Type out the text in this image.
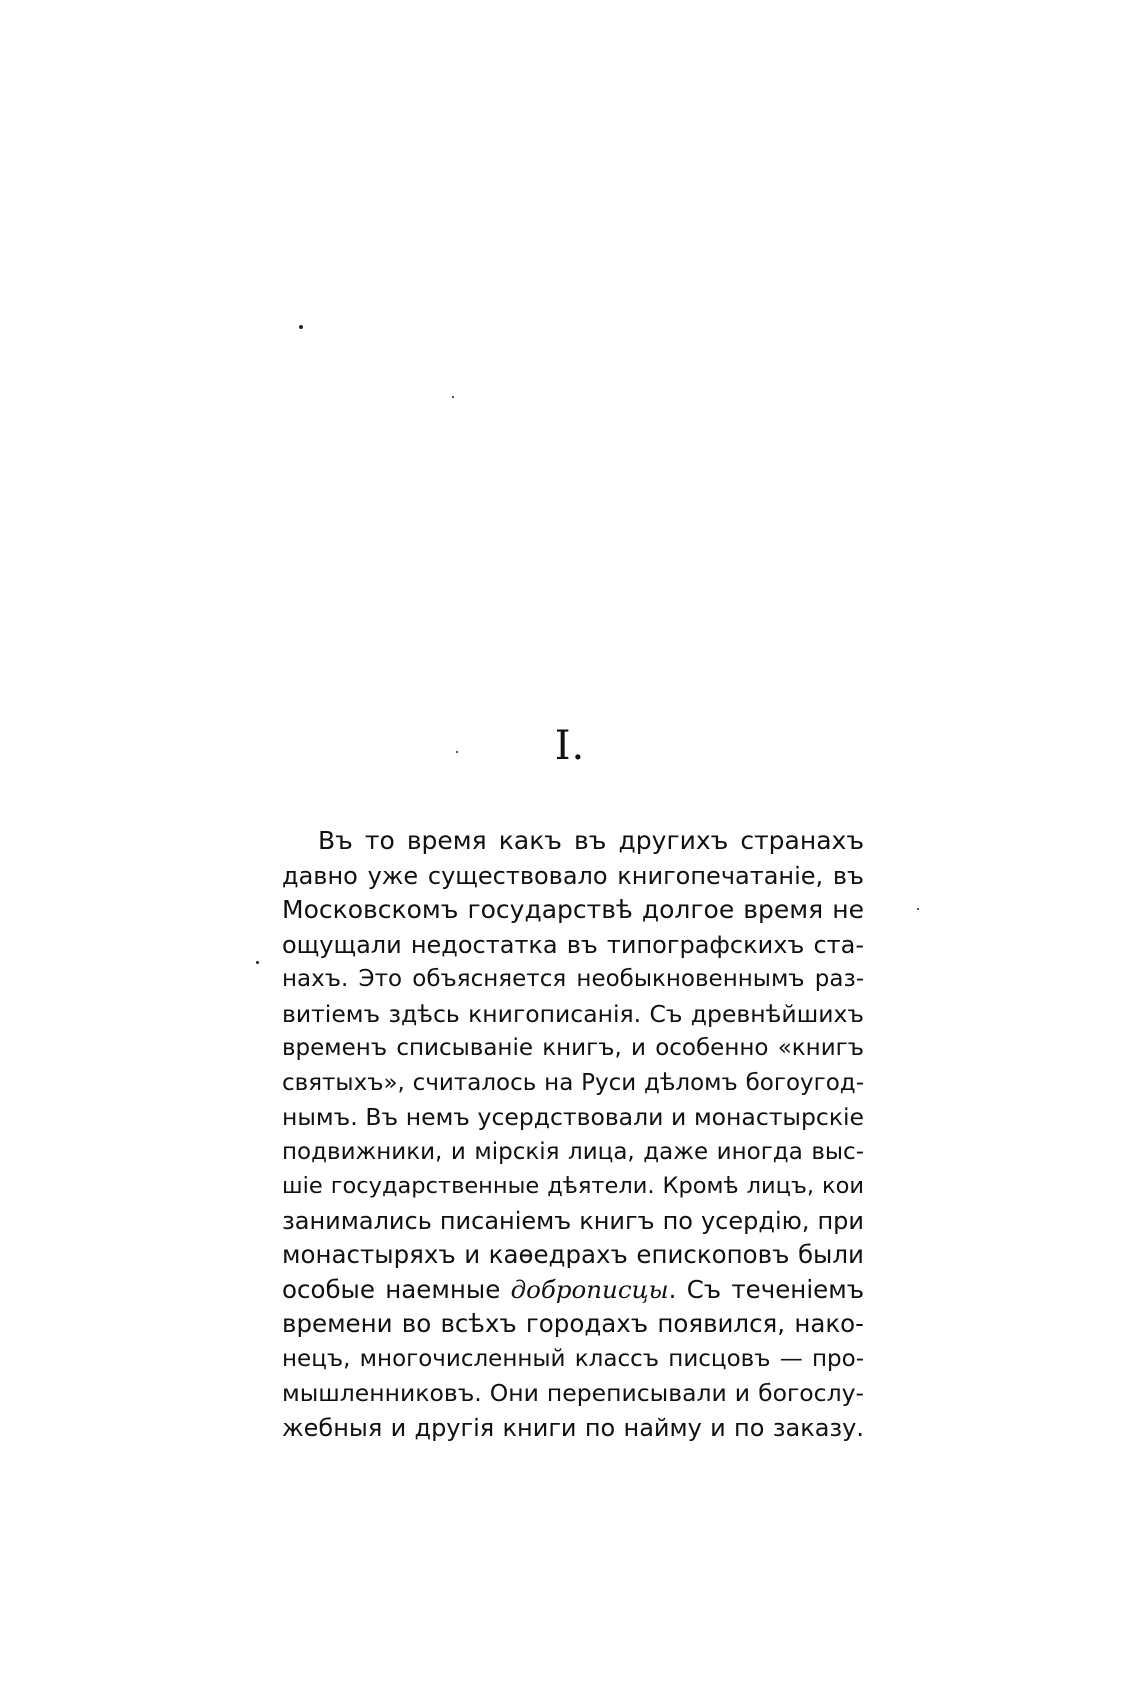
I.
Въ то время какъ въ другихъ странахъ
давно уже существовало книгопечатаніе, въ
Московскомъ государствѣ долгое время не
ощущали недостатка въ типографскихъ ста-
нахъ. Это объясняется необыкновеннымъ раз-
витіемъ здѣсь книгописанія. Съ древнѣйшихъ
временъ списываніе книгъ, и особенно «книгъ
святыхъ», считалось на Руси дѣломъ богоугод-
нымъ. Въ немъ усердствовали и монастырскіе
подвижники, и мірскія лица, даже иногда выс-
шіе государственные дѣятели. Кромѣ лицъ, кои
занимались писаніемъ книгъ по усердію, при
монастыряхъ и каѳедрахъ епископовъ были
особые наемные доброписцы. Съ теченіемъ
времени во всѣхъ городахъ появился, нако-
нецъ, многочисленный классъ писцовъ — про-
мышленниковъ. Они переписывали и богослу-
жебныя и другія книги по найму и по заказу.
